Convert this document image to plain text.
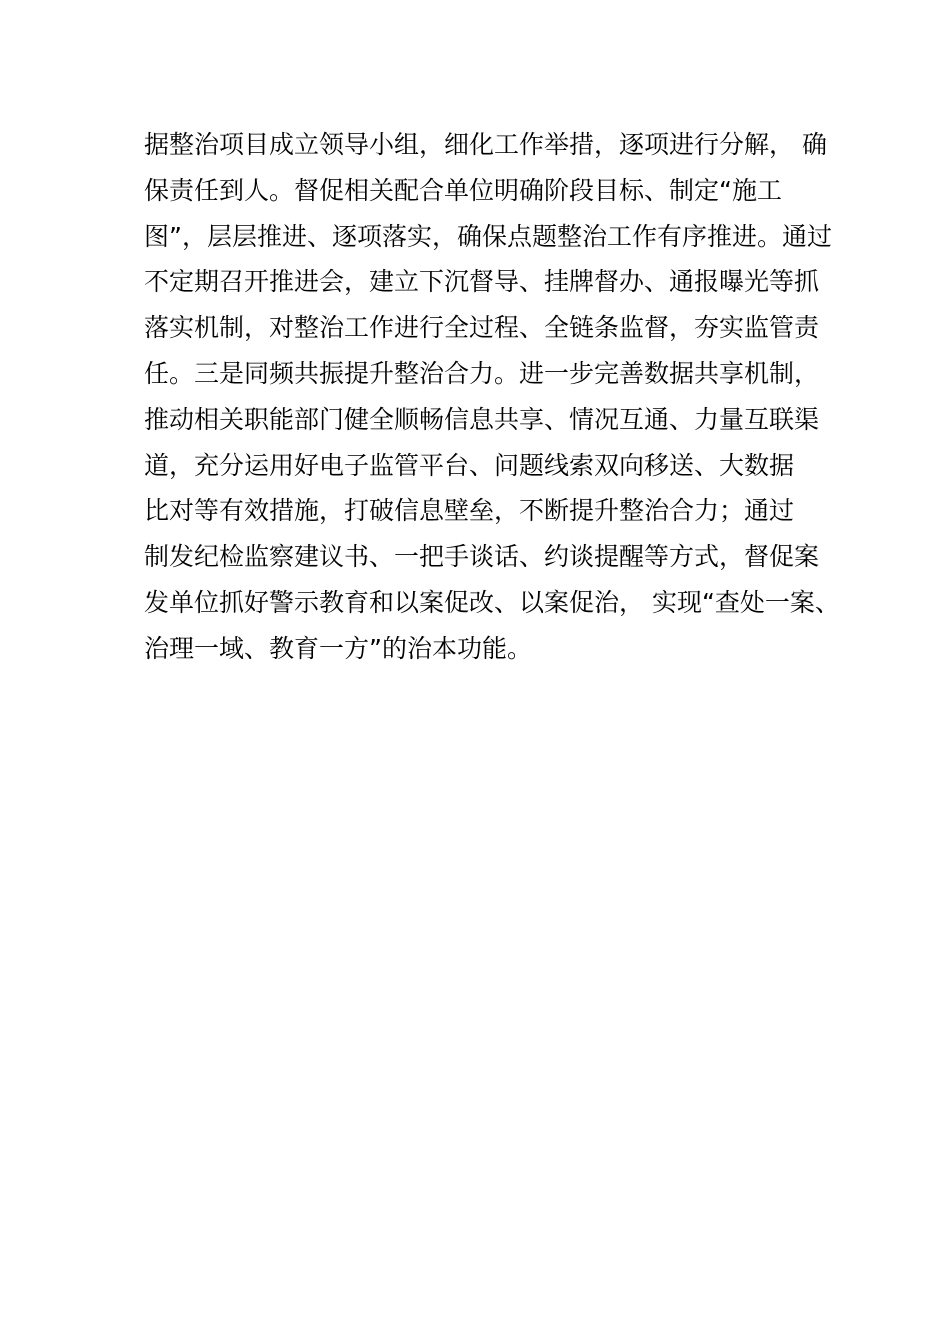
据整治项目成立领导小组，细化工作举措，逐项进行分解， 确
保责任到人。督促相关配合单位明确阶段目标、制定“施工
图”，层层推进、逐项落实，确保点题整治工作有序推进。通过
不定期召开推进会，建立下沉督导、挂牌督办、通报曝光等抓
落实机制，对整治工作进行全过程、全链条监督，夯实监管责
任。三是同频共振提升整治合力。进一步完善数据共享机制，
推动相关职能部门健全顺畅信息共享、情况互通、力量互联渠
道，充分运用好电子监管平台、问题线索双向移送、大数据
比对等有效措施，打破信息壁垒，不断提升整治合力；通过
制发纪检监察建议书、一把手谈话、约谈提醒等方式，督促案
发单位抓好警示教育和以案促改、以案促治， 实现“查处一案、
治理一域、教育一方”的治本功能。
